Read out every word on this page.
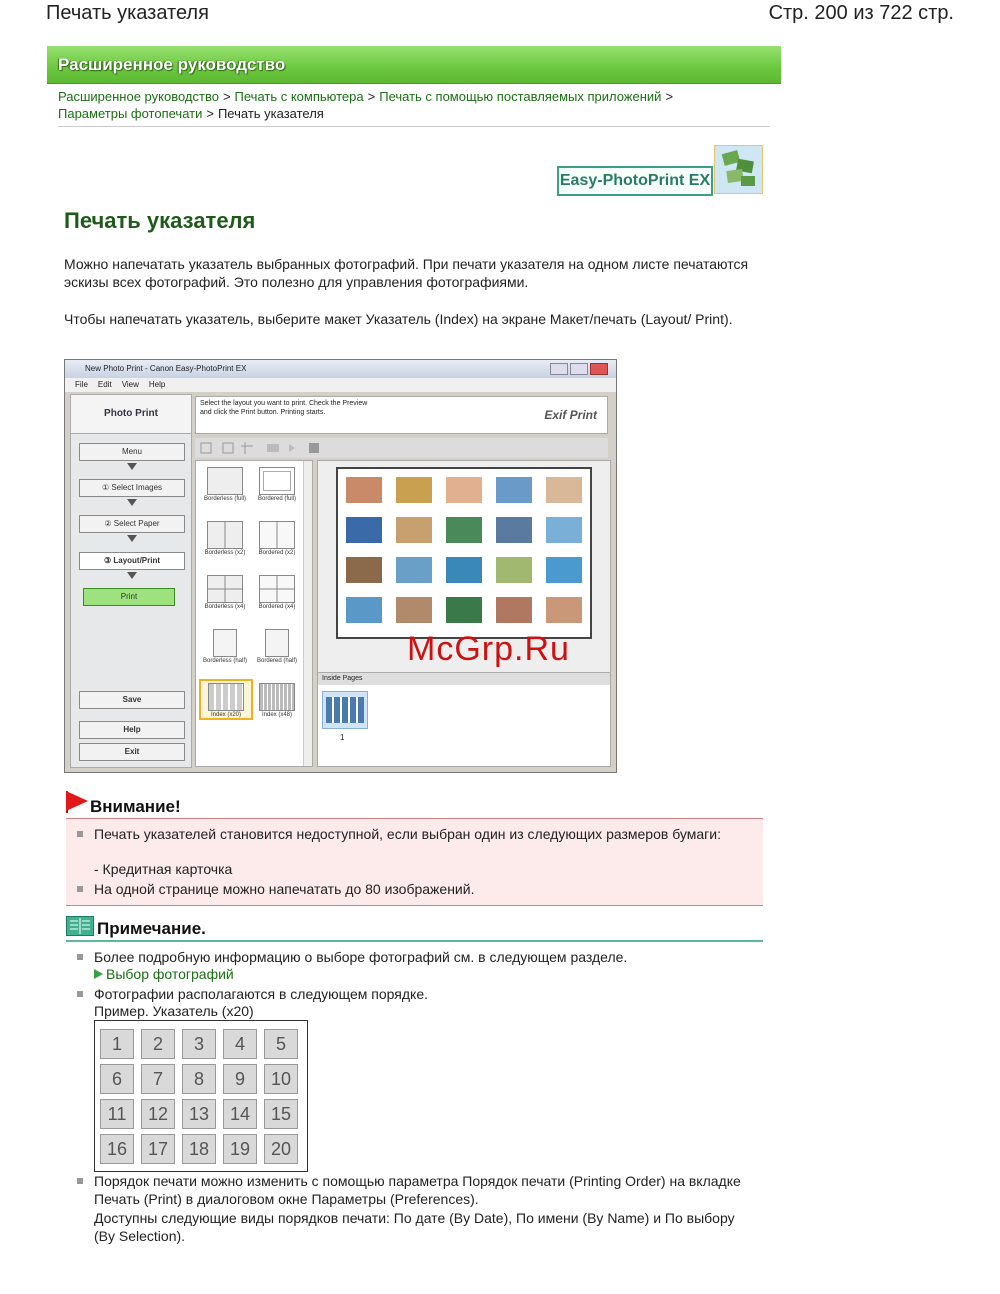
Печать указателя	Стр. 200 из 722 стр.
Расширенное руководство
Расширенное руководство > Печать с компьютера > Печать с помощью поставляемых приложений >
Параметры фотопечати > Печать указателя
Easy-PhotoPrint EX
Печать указателя
Можно напечатать указатель выбранных фотографий. При печати указателя на одном листе печатаются эскизы всех фотографий. Это полезно для управления фотографиями.
Чтобы напечатать указатель, выберите макет Указатель (Index) на экране Макет/печать (Layout/ Print).
New Photo Print - Canon Easy-PhotoPrint EX

File Edit View Help
Photo Print
Menu
① Select Images
② Select Paper
③ Layout/Print
Print
Save
Help
Exit
Select the layout you want to print. Check the Preview and click the Print button. Printing starts.	Exif Print
Borderless (full)	Bordered (full)
Borderless (x2)	Bordered (x2)
Borderless (x4)	Bordered (x4)
Borderless (half)	Bordered (half)
Index (x20)	Index (x48)
Inside Pages
1
McGrp.Ru
Внимание!
Печать указателей становится недоступной, если выбран один из следующих размеров бумаги:
- Кредитная карточка
На одной странице можно напечатать до 80 изображений.
Примечание.
Более подробную информацию о выборе фотографий см. в следующем разделе.
Выбор фотографий
Фотографии располагаются в следующем порядке.
Пример. Указатель (x20)
1	2	3	4	5
6	7	8	9	10
11	12	13	14	15
16	17	18	19	20
Порядок печати можно изменить с помощью параметра Порядок печати (Printing Order) на вкладке Печать (Print) в диалоговом окне Параметры (Preferences).
Доступны следующие виды порядков печати: По дате (By Date), По имени (By Name) и По выбору (By Selection).
